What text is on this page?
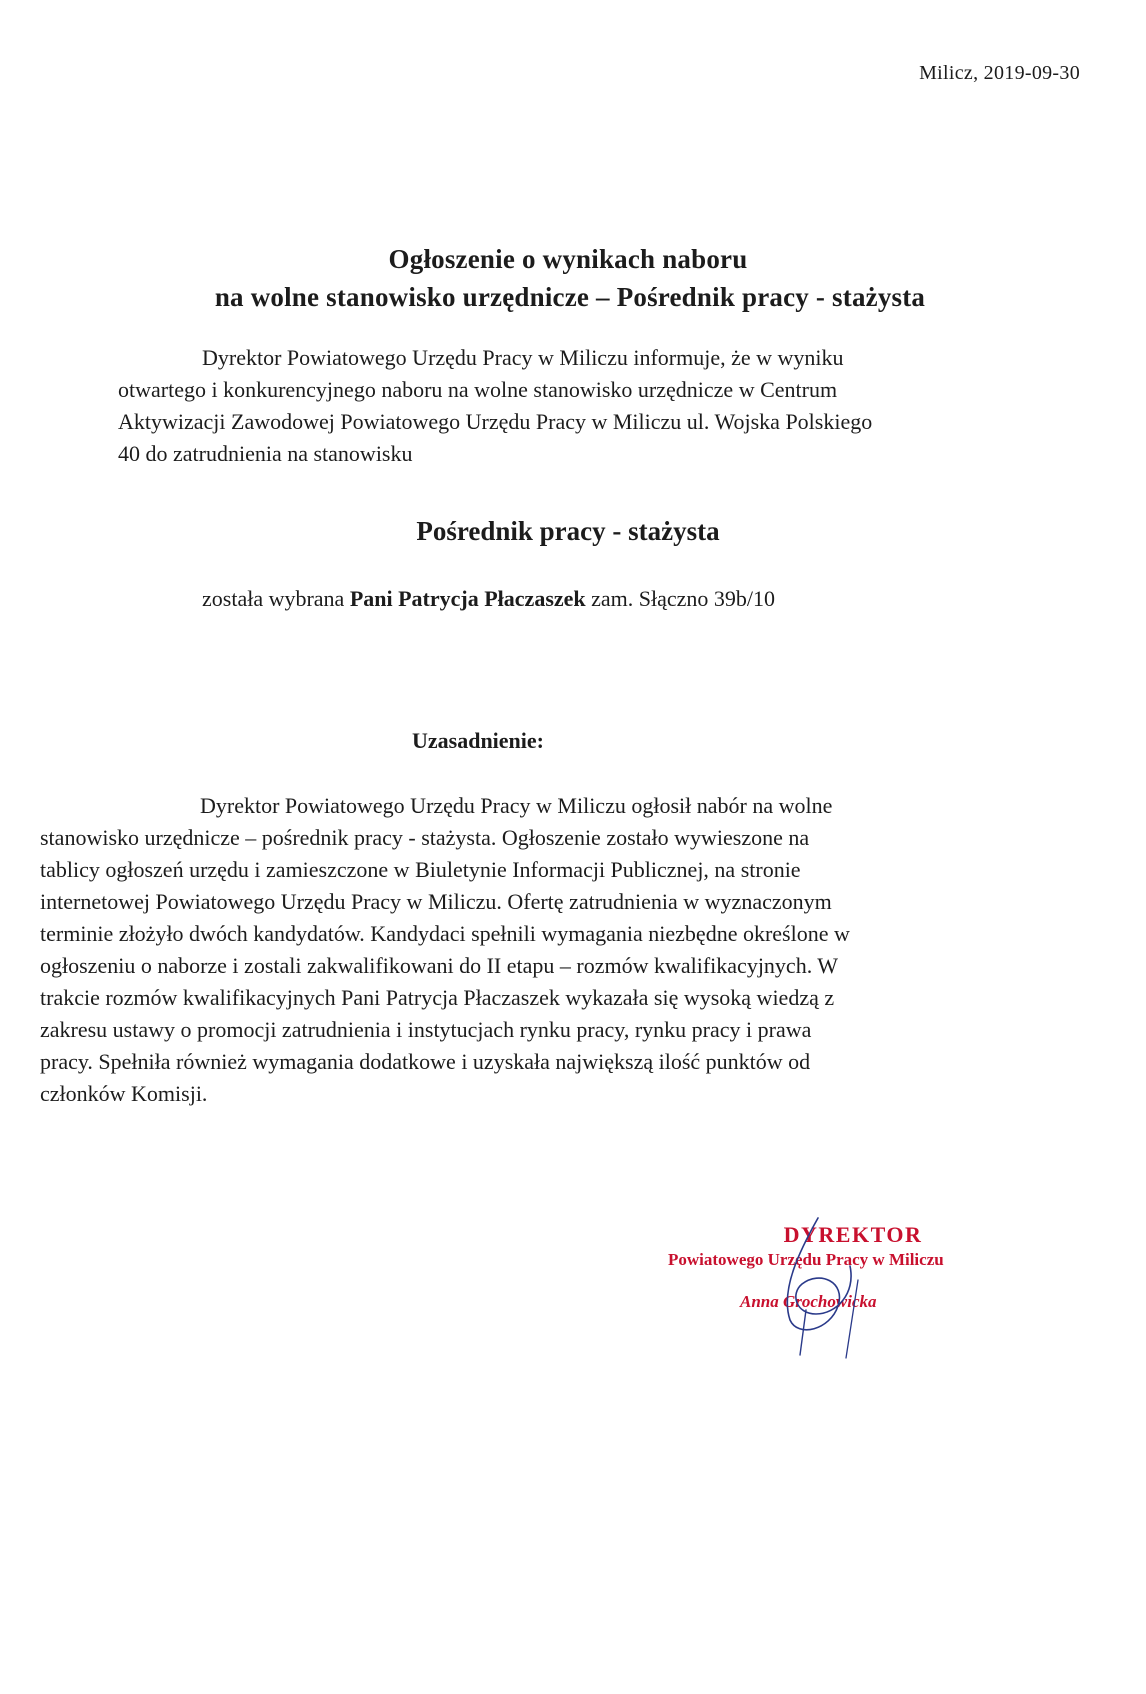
Milicz, 2019-09-30
Ogłoszenie o wynikach naboru
na wolne stanowisko urzędnicze – Pośrednik pracy - stażysta

Dyrektor Powiatowego Urzędu Pracy w Miliczu informuje, że w wyniku
otwartego i konkurencyjnego naboru na wolne stanowisko urzędnicze w Centrum
Aktywizacji Zawodowej Powiatowego Urzędu Pracy w Miliczu ul. Wojska Polskiego
40 do zatrudnienia na stanowisku

Pośrednik pracy - stażysta
została wybrana Pani Patrycja Płaczaszek zam. Słączno 39b/10
Uzasadnienie:

Dyrektor Powiatowego Urzędu Pracy w Miliczu ogłosił nabór na wolne
stanowisko urzędnicze – pośrednik pracy - stażysta. Ogłoszenie zostało wywieszone na
tablicy ogłoszeń urzędu i zamieszczone w Biuletynie Informacji Publicznej, na stronie
internetowej Powiatowego Urzędu Pracy w Miliczu. Ofertę zatrudnienia w wyznaczonym
terminie złożyło dwóch kandydatów. Kandydaci spełnili wymagania niezbędne określone w
ogłoszeniu o naborze i zostali zakwalifikowani do II etapu – rozmów kwalifikacyjnych. W
trakcie rozmów kwalifikacyjnych Pani Patrycja Płaczaszek wykazała się wysoką wiedzą z
zakresu ustawy o promocji zatrudnienia i instytucjach rynku pracy, rynku pracy i prawa
pracy. Spełniła również wymagania dodatkowe i uzyskała największą ilość punktów od
członków Komisji.

DYREKTOR
Powiatowego Urzędu Pracy w Miliczu
Anna Grochowicka
